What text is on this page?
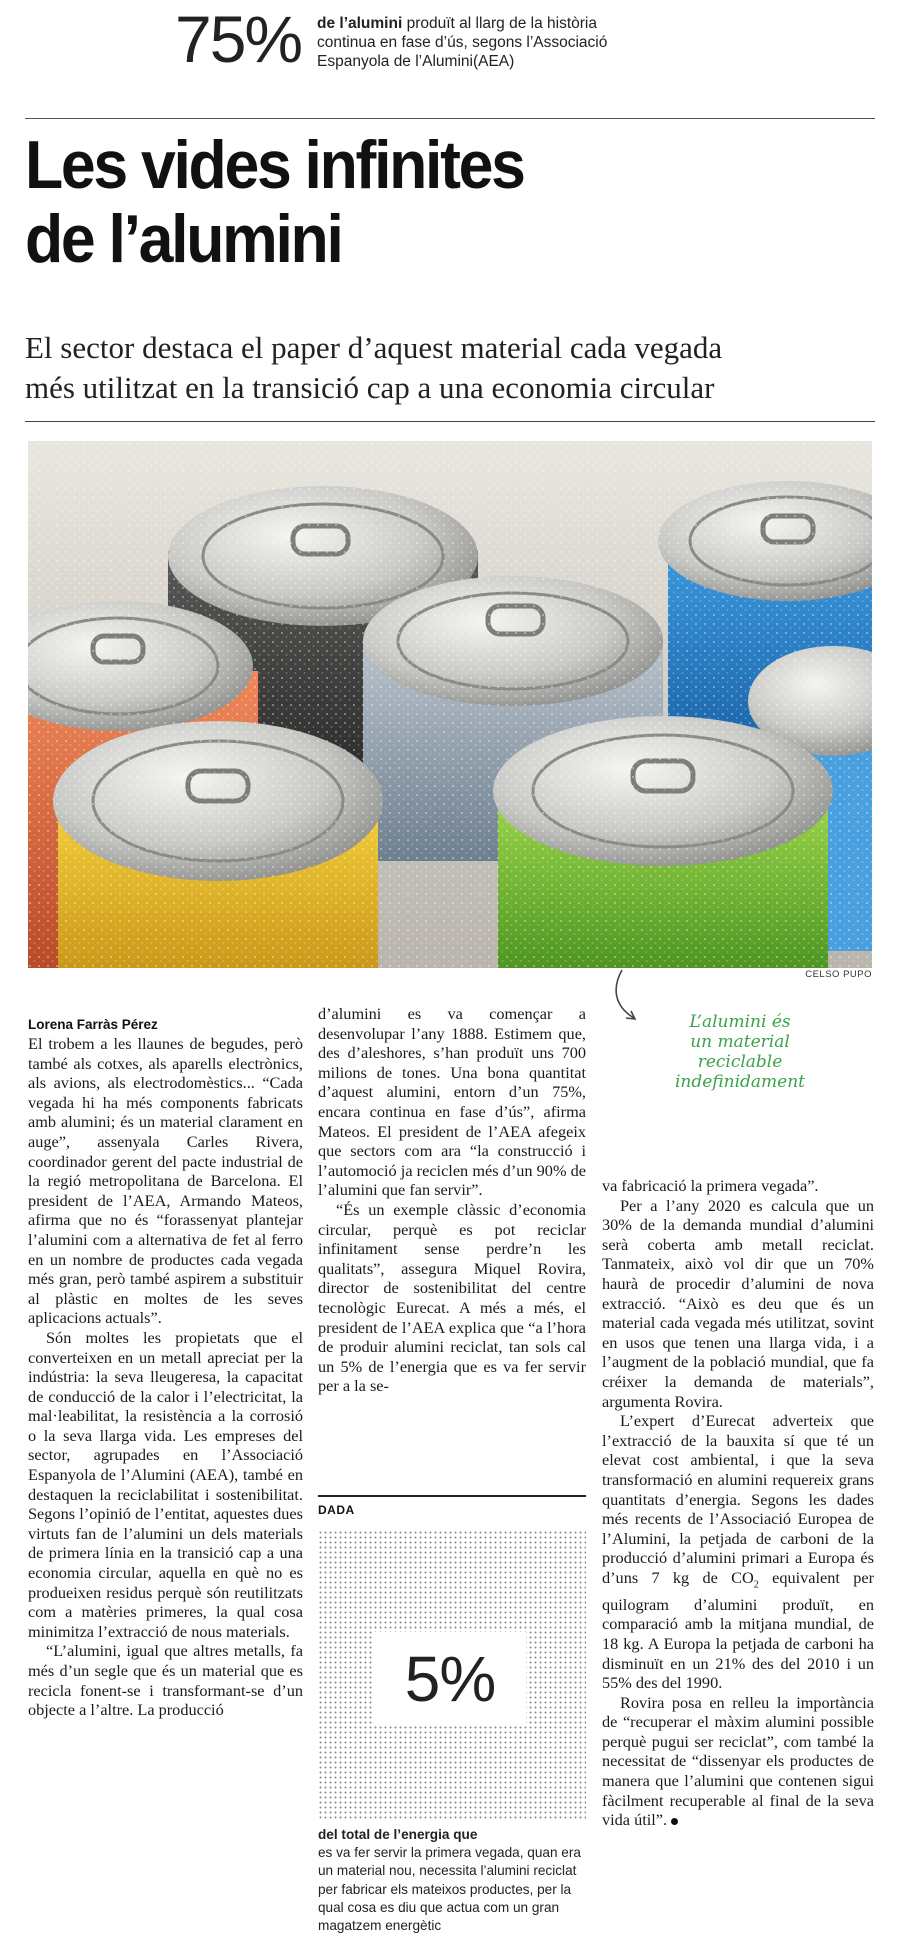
75% de l’alumini produït al llarg de la història continua en fase d’ús, segons l’Associació Espanyola de l’Alumini(AEA)
Les vides infinites
de l’alumini
El sector destaca el paper d’aquest material cada vegada
més utilitzat en la transició cap a una economia circular
CELSO PUPO
L’alumini és
un material
reciclable
indefinidament
Lorena Farràs Pérez

El trobem a les llaunes de begudes, però també als cotxes, als aparells electrònics, als avions, als electrodomèstics... “Cada vegada hi ha més components fabricats amb alumini; és un material clarament en auge”, assenyala Carles Rivera, coordinador gerent del pacte industrial de la regió metropolitana de Barcelona. El president de l’AEA, Armando Mateos, afirma que no és “forassenyat plantejar l’alumini com a alternativa de fet al ferro en un nombre de productes cada vegada més gran, però també aspirem a substituir al plàstic en moltes de les seves aplicacions actuals”.

Són moltes les propietats que el converteixen en un metall apreciat per la indústria: la seva lleugeresa, la capacitat de conducció de la calor i l’electricitat, la mal·leabilitat, la resistència a la corrosió o la seva llarga vida. Les empreses del sector, agrupades en l’Associació Espanyola de l’Alumini (AEA), també en destaquen la reciclabilitat i sostenibilitat. Segons l’opinió de l’entitat, aquestes dues virtuts fan de l’alumini un dels materials de primera línia en la transició cap a una economia circular, aquella en què no es produeixen residus perquè són reutilitzats com a matèries primeres, la qual cosa minimitza l’extracció de nous materials.

“L’alumini, igual que altres metalls, fa més d’un segle que és un material que es recicla fonent-se i transformant-se d’un objecte a l’altre. La producció

d’alumini es va començar a desenvolupar l’any 1888. Estimem que, des d’aleshores, s’han produït uns 700 milions de tones. Una bona quantitat d’aquest alumini, entorn d’un 75%, encara continua en fase d’ús”, afirma Mateos. El president de l’AEA afegeix que sectors com ara “la construcció i l’automoció ja reciclen més d’un 90% de l’alumini que fan servir”.

“És un exemple clàssic d’economia circular, perquè es pot reciclar infinitament sense perdre’n les qualitats”, assegura Miquel Rovira, director de sostenibilitat del centre tecnològic Eurecat. A més a més, el president de l’AEA explica que “a l’hora de produir alumini reciclat, tan sols cal un 5% de l’energia que es va fer servir per a la se-

DADA
5%
del total de l’energia que
es va fer servir la primera vegada, quan era un material nou, necessita l’alumini reciclat per fabricar els mateixos productes, per la qual cosa es diu que actua com un gran magatzem energètic

va fabricació la primera vegada”.

Per a l’any 2020 es calcula que un 30% de la demanda mundial d’alumini serà coberta amb metall reciclat. Tanmateix, això vol dir que un 70% haurà de procedir d’alumini de nova extracció. “Això es deu que és un material cada vegada més utilitzat, sovint en usos que tenen una llarga vida, i a l’augment de la població mundial, que fa créixer la demanda de materials”, argumenta Rovira.

L’expert d’Eurecat adverteix que l’extracció de la bauxita sí que té un elevat cost ambiental, i que la seva transformació en alumini requereix grans quantitats d’energia. Segons les dades més recents de l’Associació Europea de l’Alumini, la petjada de carboni de la producció d’alumini primari a Europa és d’uns 7 kg de $CO_2$ equivalent per quilogram d’alumini produït, en comparació amb la mitjana mundial, de 18 kg. A Europa la petjada de carboni ha disminuït en un 21% des del 2010 i un 55% des del 1990.

Rovira posa en relleu la importància de “recuperar el màxim alumini possible perquè pugui ser reciclat”, com també la necessitat de “dissenyar els productes de manera que l’alumini que contenen sigui fàcilment recuperable al final de la seva vida útil”.
